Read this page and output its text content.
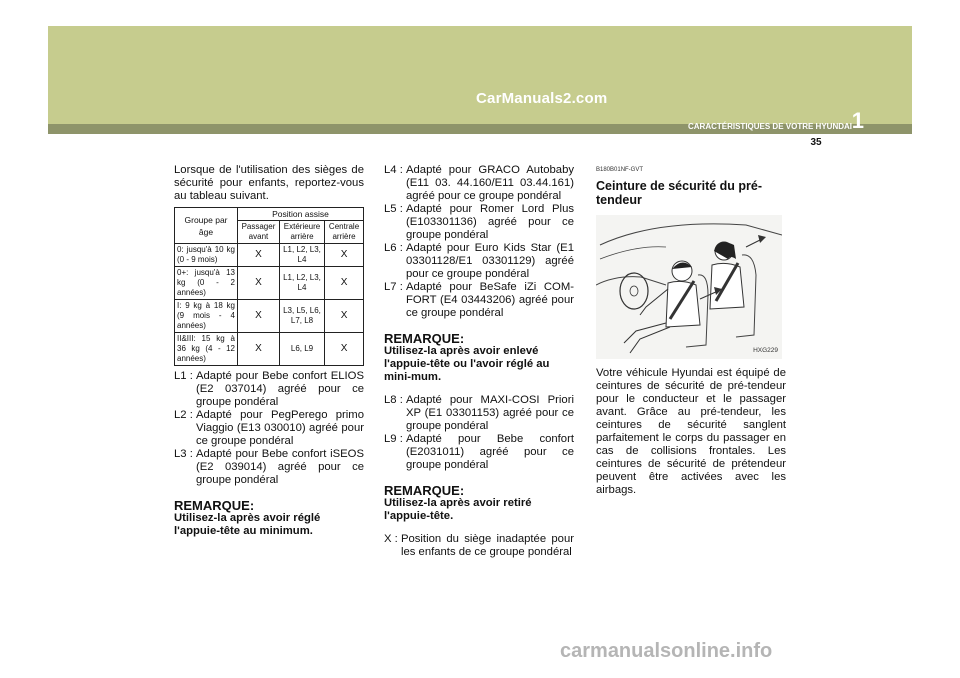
CarManuals2.com
1
CARACTÉRISTIQUES DE VOTRE HYUNDAI
35

Lorsque de l'utilisation des sièges de sécurité pour enfants, reportez-vous au tableau suivant.

Groupe par âge	Position assise		
	Passager avant	Extérieure arrière	Centrale arrière
0: jusqu'à 10 kg (0 - 9 mois)	X	L1, L2, L3, L4	X
0+: jusqu'à 13 kg (0 - 2 années)	X	L1, L2, L3, L4	X
I: 9 kg à 18 kg (9 mois - 4 années)	X	L3, L5, L6, L7, L8	X
II&III: 15 kg à 36 kg (4 - 12 années)	X	L6, L9	X
L1 :
Adapté pour Bebe confort ELIOS (E2 037014) agréé pour ce groupe pondéral
L2 :
Adapté pour PegPerego primo Viaggio (E13 030010) agréé pour ce groupe pondéral
L3 :
Adapté pour Bebe confort iSEOS (E2 039014) agréé pour ce groupe pondéral
REMARQUE:
Utilisez-la après avoir réglé l'appuie-tête au minimum.
L4 :
Adapté pour GRACO Autobaby (E11 03. 44.160/E11 03.44.161) agréé pour ce groupe pondéral
L5 :
Adapté pour Romer Lord Plus (E103301136) agréé pour ce groupe pondéral
L6 :
Adapté pour Euro Kids Star (E1 03301128/E1 03301129) agréé pour ce groupe pondéral
L7 :
Adapté pour BeSafe iZi COM-FORT (E4 03443206) agréé pour ce groupe pondéral
REMARQUE:
Utilisez-la après avoir enlevé l'appuie-tête ou l'avoir réglé au mini-mum.
L8 :
Adapté pour MAXI-COSI Priori XP (E1 03301153) agréé pour ce groupe pondéral
L9 :
Adapté pour Bebe confort (E2031011) agréé pour ce groupe pondéral
REMARQUE:
Utilisez-la après avoir retiré l'appuie-tête.
X :
Position du siège inadaptée pour les enfants de ce groupe pondéral
B180B01NF-GVT
Ceinture de sécurité du pré-tendeur
HXG229

Votre véhicule Hyundai est équipé de ceintures de sécurité de pré-tendeur pour le conducteur et le passager avant. Grâce au pré-tendeur, les ceintures de sécurité sanglent parfaitement le corps du passager en cas de collisions frontales. Les ceintures de sécurité de prétendeur peuvent être activées avec les airbags.

carmanualsonline.info
